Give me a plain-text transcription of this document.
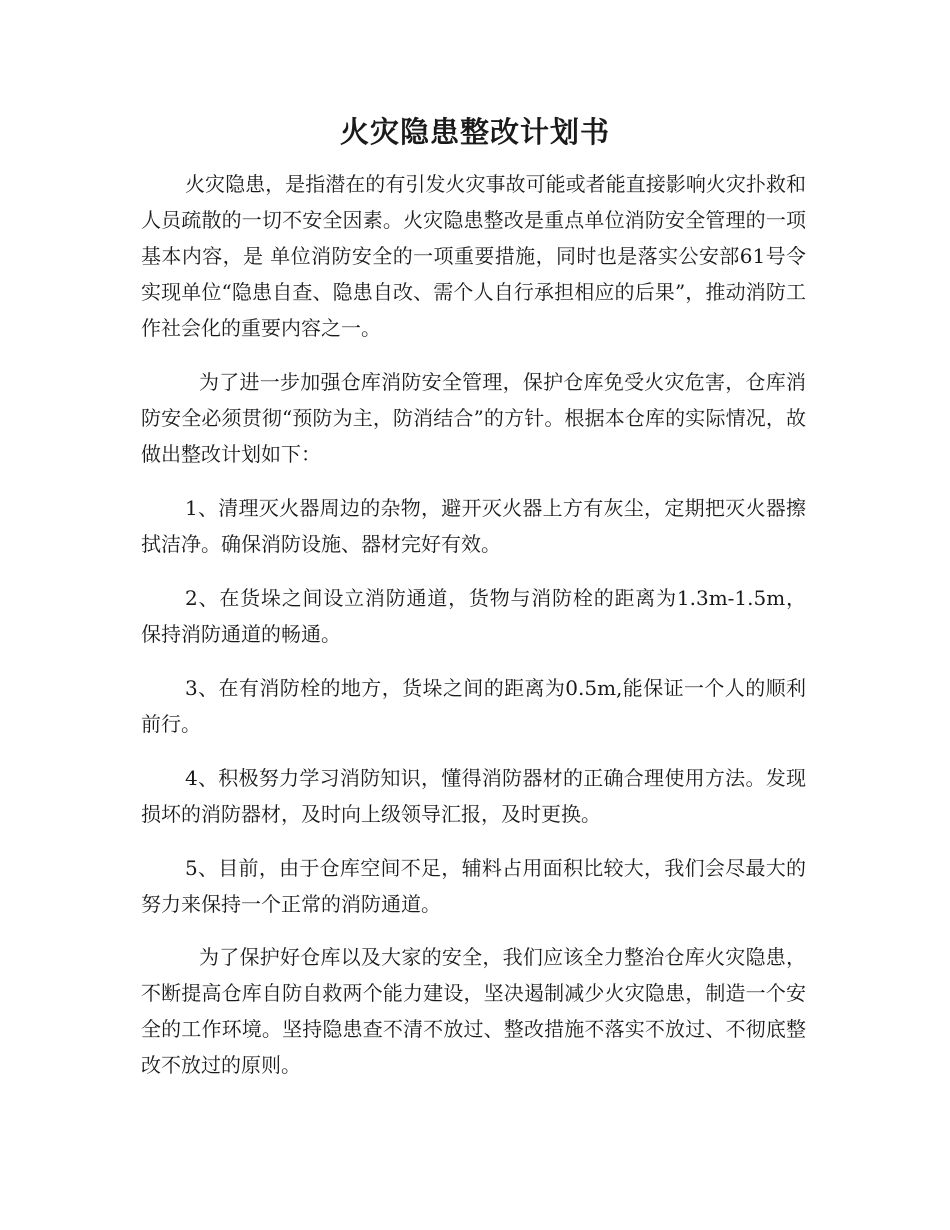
火灾隐患整改计划书

火灾隐患，是指潜在的有引发火灾事故可能或者能直接影响火灾扑救和人员疏散的一切不安全因素。火灾隐患整改是重点单位消防安全管理的一项基本内容，是 单位消防安全的一项重要措施，同时也是落实公安部61号令实现单位“隐患自查、隐患自改、需个人自行承担相应的后果”，推动消防工作社会化的重要内容之一。

为了进一步加强仓库消防安全管理，保护仓库免受火灾危害，仓库消防安全必须贯彻“预防为主，防消结合”的方针。根据本仓库的实际情况，故做出整改计划如下：

1、清理灭火器周边的杂物，避开灭火器上方有灰尘，定期把灭火器擦拭洁净。确保消防设施、器材完好有效。

2、在货垛之间设立消防通道，货物与消防栓的距离为1.3m-1.5m，保持消防通道的畅通。

3、在有消防栓的地方，货垛之间的距离为0.5m,能保证一个人的顺利前行。

4、积极努力学习消防知识，懂得消防器材的正确合理使用方法。发现损坏的消防器材，及时向上级领导汇报，及时更换。

5、目前，由于仓库空间不足，辅料占用面积比较大，我们会尽最大的努力来保持一个正常的消防通道。

为了保护好仓库以及大家的安全，我们应该全力整治仓库火灾隐患，不断提高仓库自防自救两个能力建设，坚决遏制减少火灾隐患，制造一个安全的工作环境。坚持隐患查不清不放过、整改措施不落实不放过、不彻底整改不放过的原则。
